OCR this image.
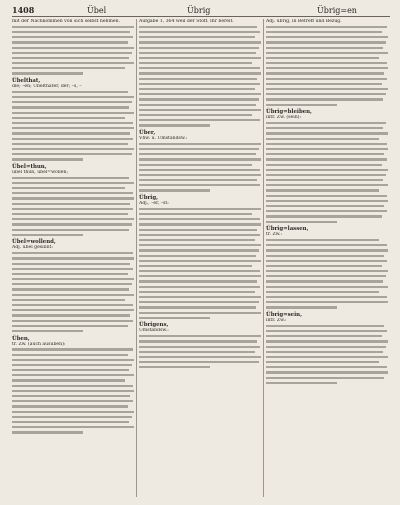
1408	Übel	Übrig	Übrig=en
mit der Nachkommen von sich selbst nehmen.
Übelthat,
die; –en; Übelthäter, der; –s, –
Übel=thun,
übel thun, übel=wollen;
Übel=wollend,
Adj. übel gesinnt:
Üben,
tr. Zw. (auch ausüben):
Aufgabe 1, 364 weil der Stoff. Ihr bereit.
Über,
Vhw. u. Umstandsw.:
Übrig,
Adj., –er, –st:
Übrigens,
Umstandsw.:
Adj. übrig, in Betreff und Bezug.
Übrig=bleiben,
intr. Zw. (sein):
Übrig=lassen,
tr. Zw.:
Übrig=sein,
intr. Zw.:
